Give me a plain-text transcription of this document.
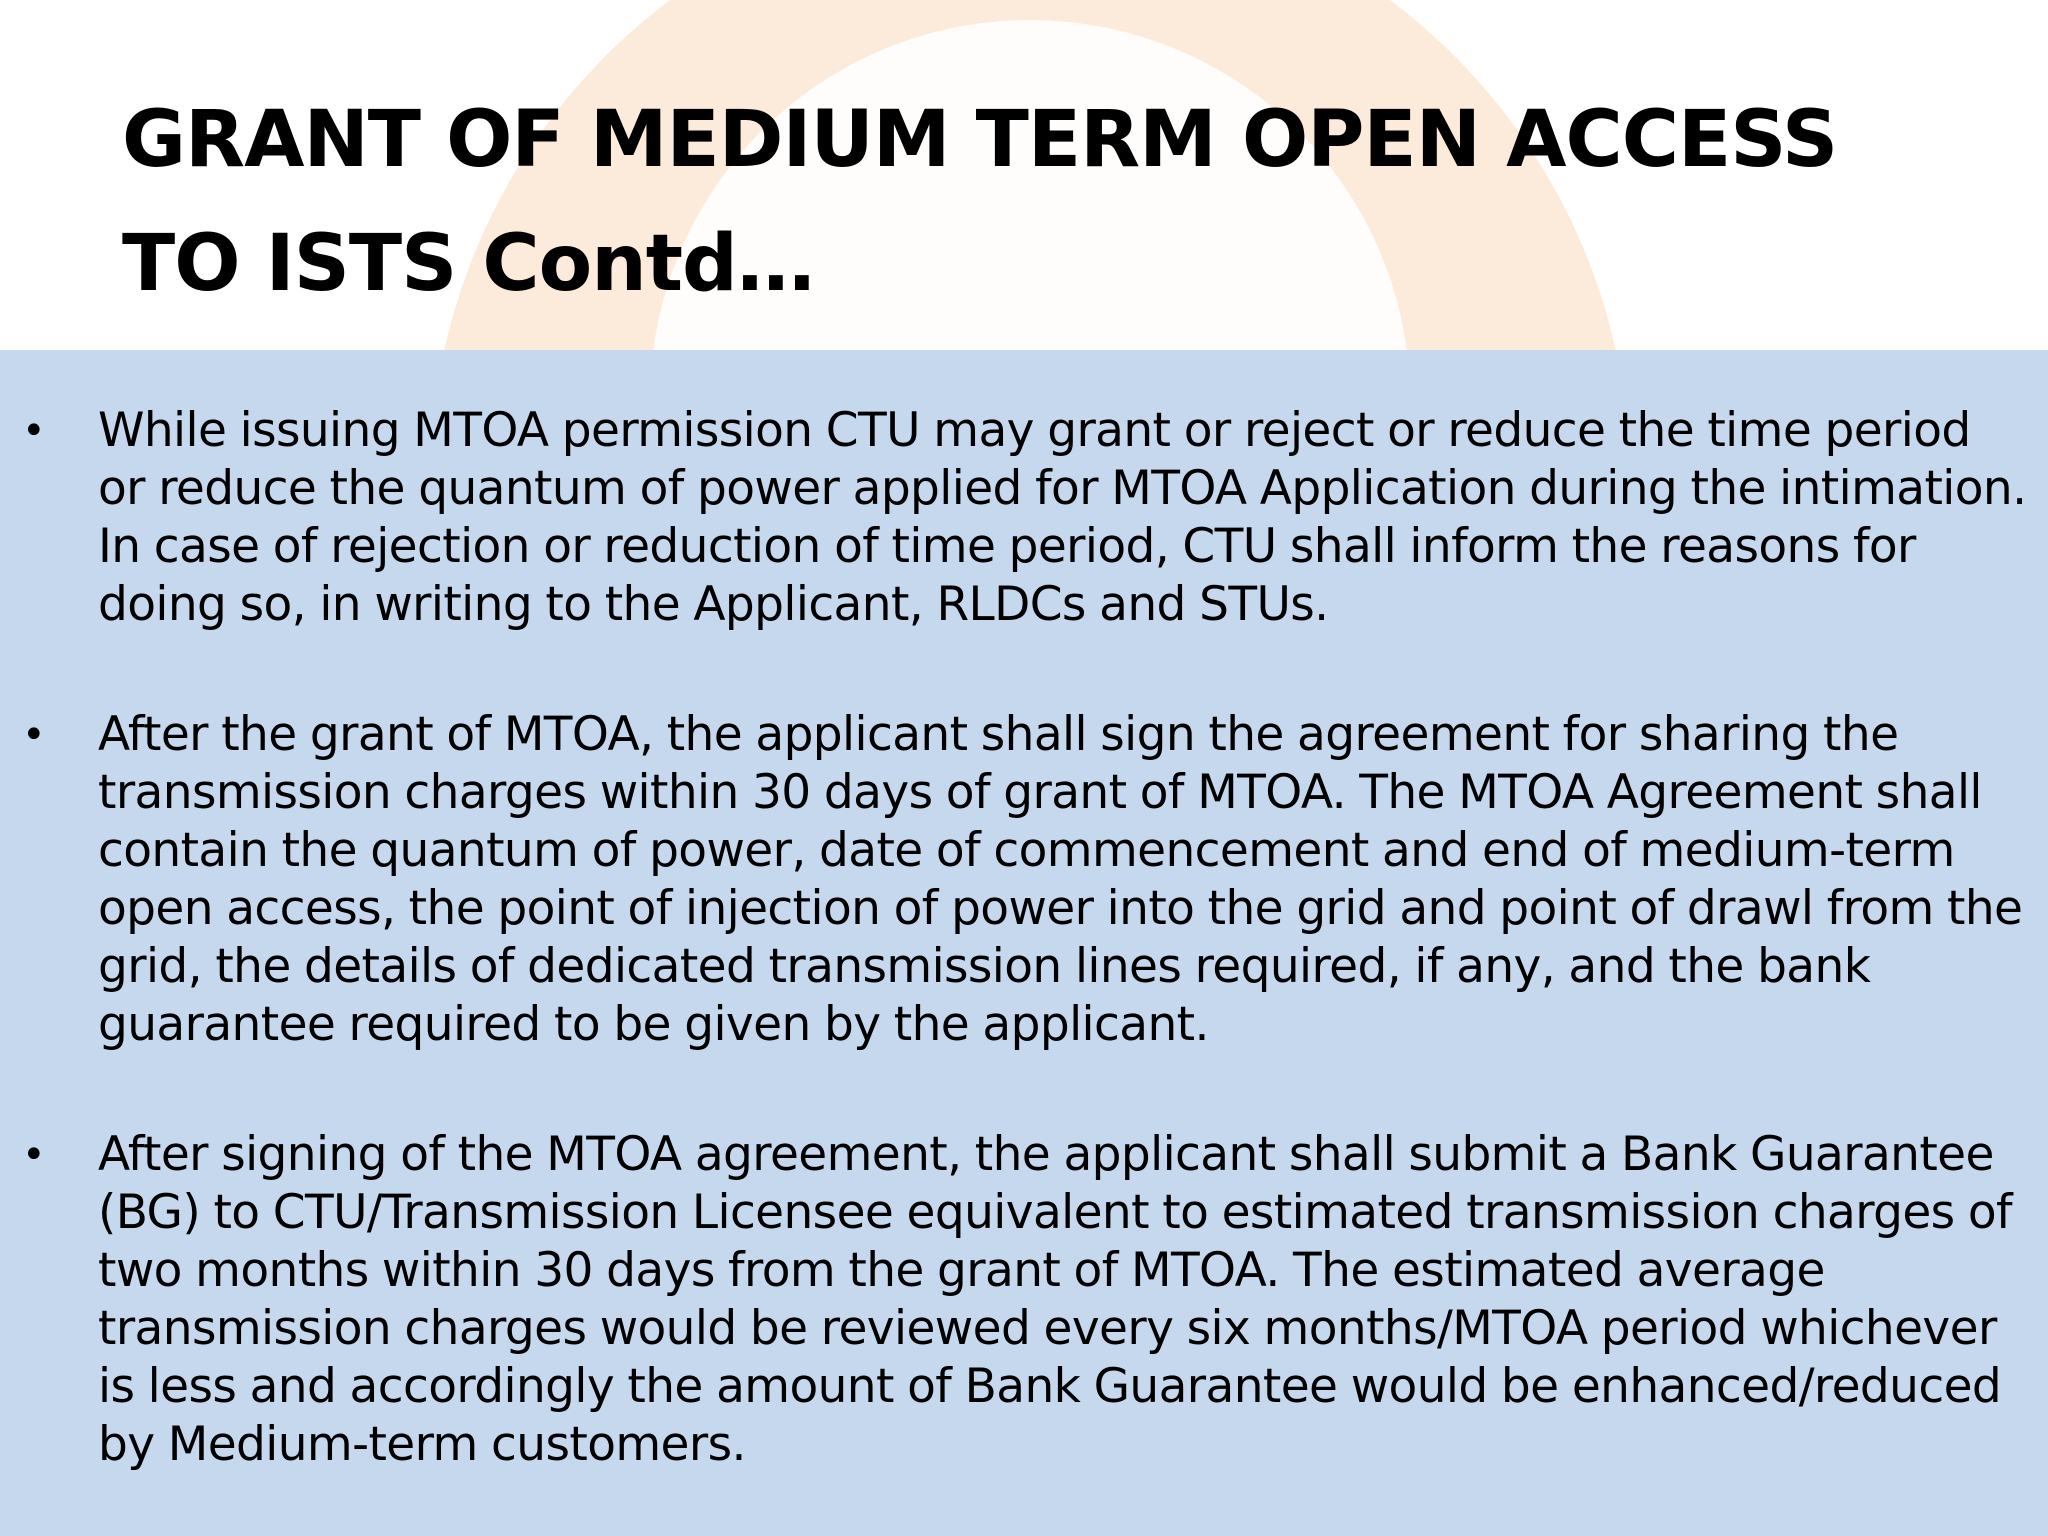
GRANT OF MEDIUM TERM OPEN ACCESS
TO ISTS Contd…
• While issuing MTOA permission CTU may grant or reject or reduce the time period or reduce the quantum of power applied for MTOA Application during the intimation. In case of rejection or reduction of time period, CTU shall inform the reasons for doing so, in writing to the Applicant, RLDCs and STUs.
• After the grant of MTOA, the applicant shall sign the agreement for sharing the transmission charges within 30 days of grant of MTOA. The MTOA Agreement shall contain the quantum of power, date of commencement and end of medium-term open access, the point of injection of power into the grid and point of drawl from the grid, the details of dedicated transmission lines required, if any, and the bank guarantee required to be given by the applicant.
• After signing of the MTOA agreement, the applicant shall submit a Bank Guarantee (BG) to CTU/Transmission Licensee equivalent to estimated transmission charges of two months within 30 days from the grant of MTOA. The estimated average transmission charges would be reviewed every six months/MTOA period whichever is less and accordingly the amount of Bank Guarantee would be enhanced/reduced by Medium-term customers.
